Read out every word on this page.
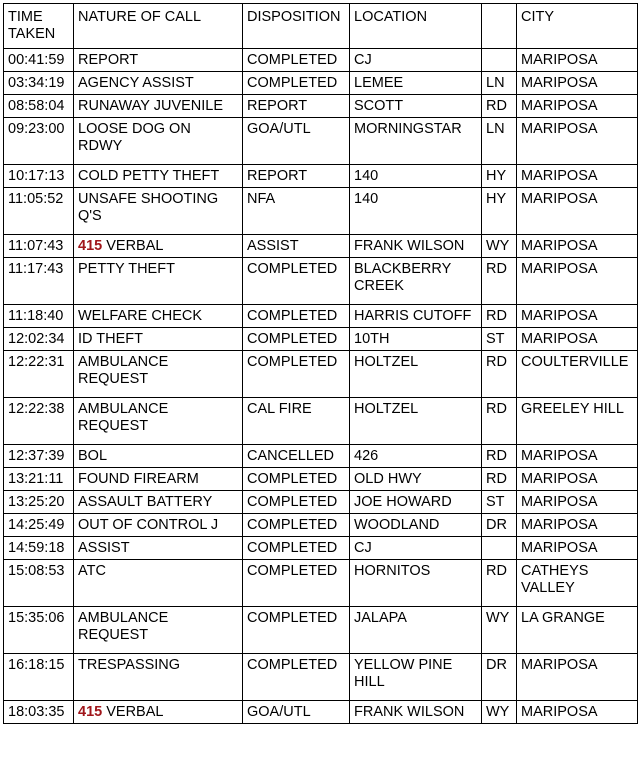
TIME TAKEN	NATURE OF CALL	DISPOSITION	LOCATION		CITY
00:41:59	REPORT	COMPLETED	CJ		MARIPOSA
03:34:19	AGENCY ASSIST	COMPLETED	LEMEE	LN	MARIPOSA
08:58:04	RUNAWAY JUVENILE	REPORT	SCOTT	RD	MARIPOSA
09:23:00	LOOSE DOG ON RDWY	GOA/UTL	MORNINGSTAR	LN	MARIPOSA
10:17:13	COLD PETTY THEFT	REPORT	140	HY	MARIPOSA
11:05:52	UNSAFE SHOOTING Q'S	NFA	140	HY	MARIPOSA
11:07:43	415 VERBAL	ASSIST	FRANK WILSON	WY	MARIPOSA
11:17:43	PETTY THEFT	COMPLETED	BLACKBERRY CREEK	RD	MARIPOSA
11:18:40	WELFARE CHECK	COMPLETED	HARRIS CUTOFF	RD	MARIPOSA
12:02:34	ID THEFT	COMPLETED	10TH	ST	MARIPOSA
12:22:31	AMBULANCE REQUEST	COMPLETED	HOLTZEL	RD	COULTERVILLE
12:22:38	AMBULANCE REQUEST	CAL FIRE	HOLTZEL	RD	GREELEY HILL
12:37:39	BOL	CANCELLED	426	RD	MARIPOSA
13:21:11	FOUND FIREARM	COMPLETED	OLD HWY	RD	MARIPOSA
13:25:20	ASSAULT BATTERY	COMPLETED	JOE HOWARD	ST	MARIPOSA
14:25:49	OUT OF CONTROL J	COMPLETED	WOODLAND	DR	MARIPOSA
14:59:18	ASSIST	COMPLETED	CJ		MARIPOSA
15:08:53	ATC	COMPLETED	HORNITOS	RD	CATHEYS VALLEY
15:35:06	AMBULANCE REQUEST	COMPLETED	JALAPA	WY	LA GRANGE
16:18:15	TRESPASSING	COMPLETED	YELLOW PINE HILL	DR	MARIPOSA
18:03:35	415 VERBAL	GOA/UTL	FRANK WILSON	WY	MARIPOSA
